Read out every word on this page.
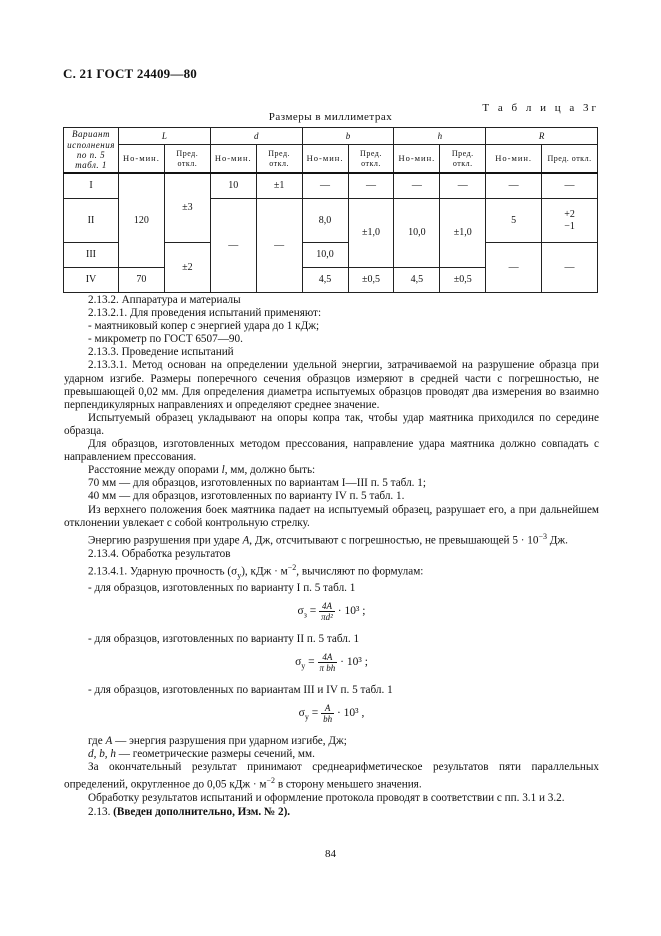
С. 21 ГОСТ 24409—80
Т а б л и ц а 3г
Размеры в миллиметрах
Вариант исполнения по п. 5 табл. 1	L		d		b		h		R	
	Но-мин.	Пред. откл.	Но-мин.	Пред. откл.	Но-мин.	Пред. откл.	Но-мин.	Пред. откл.	Но-мин.	Пред. откл.
I	120	±3	10	±1	—	—	—	—	—	—
II			—	—	8,0	±1,0	10,0	±1,0	5	+2
−1
III		±2			10,0				—	—
IV	70				4,5	±0,5	4,5	±0,5		

2.13.2. Аппаратура и материалы

2.13.2.1. Для проведения испытаний применяют:

- маятниковый копер с энергией удара до 1 кДж;

- микрометр по ГОСТ 6507—90.

2.13.3. Проведение испытаний

2.13.3.1. Метод основан на определении удельной энергии, затрачиваемой на разрушение образца при ударном изгибе. Размеры поперечного сечения образцов измеряют в средней части с погрешностью, не превышающей 0,02 мм. Для определения диаметра испытуемых образцов проводят два измерения во взаимно перпендикулярных направлениях и определяют среднее значение.

Испытуемый образец укладывают на опоры копра так, чтобы удар маятника приходился по середине образца.

Для образцов, изготовленных методом прессования, направление удара маятника должно совпадать с направлением прессования.

Расстояние между опорами l, мм, должно быть:

70 мм — для образцов, изготовленных по вариантам I—III п. 5 табл. 1;

40 мм — для образцов, изготовленных по варианту IV п. 5 табл. 1.

Из верхнего положения боек маятника падает на испытуемый образец, разрушает его, а при дальнейшем отклонении увлекает с собой контрольную стрелку.

Энергию разрушения при ударе А, Дж, отсчитывают с погрешностью, не превышающей $5 \cdot 10^{-3}$ Дж.

2.13.4. Обработка результатов

2.13.4.1. Ударную прочность $(\sigma_у)$, кДж · $м^{-2}$, вычисляют по формулам:

- для образцов, изготовленных по варианту I п. 5 табл. 1

$\sigma_з = \frac{4A}{\text{πd²}} \cdot 10^3$ ;

- для образцов, изготовленных по варианту II п. 5 табл. 1

$\sigma_у = \frac{4A}{\text{π bh}} \cdot 10^3$ ;

- для образцов, изготовленных по вариантам III и IV п. 5 табл. 1

$\sigma_у = \frac{A}{bh} \cdot 10^3$ ,

где A — энергия разрушения при ударном изгибе, Дж;

d, b, h — геометрические размеры сечений, мм.

За окончательный результат принимают среднеарифметическое результатов пяти параллельных определений, округленное до 0,05 кДж · $м^{-2}$ в сторону меньшего значения.

Обработку результатов испытаний и оформление протокола проводят в соответствии с пп. 3.1 и 3.2.

2.13. (Введен дополнительно, Изм. № 2).

84
